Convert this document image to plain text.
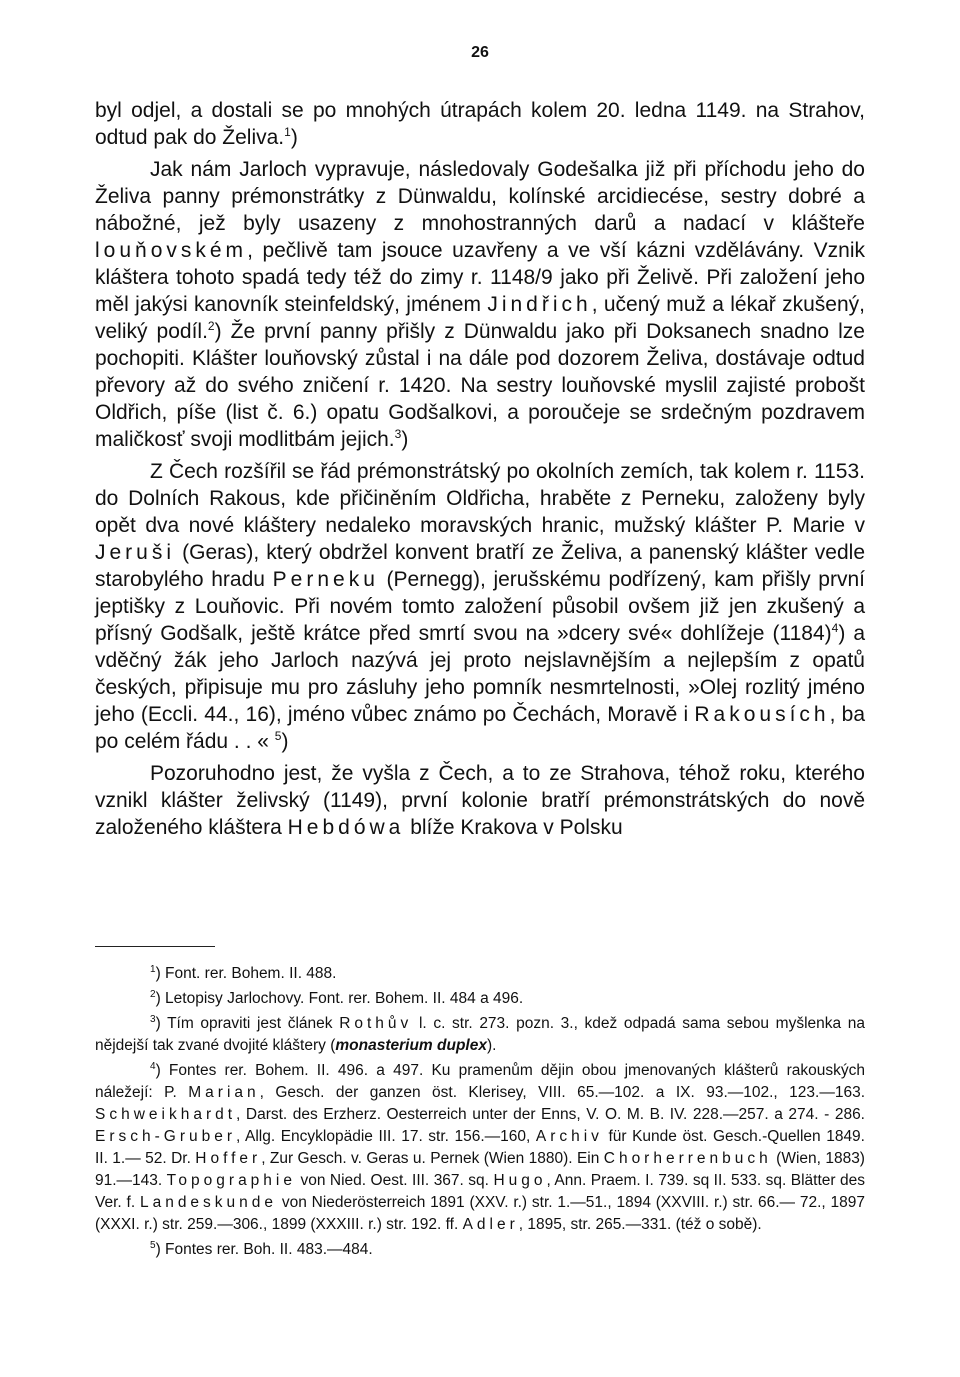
26

byl odjel, a dostali se po mnohých útrapách kolem 20. ledna 1149. na Strahov, odtud pak do Želiva.$^1$)

Jak nám Jarloch vypravuje, následovaly Godešalka již při příchodu jeho do Želiva panny prémonstrátky z Dünwaldu, kolínské arcidiecése, sestry dobré a nábožné, jež byly usazeny z mnohostranných darů a nadací v klášteře louňovském, pečlivě tam jsouce uzavřeny a ve vší kázni vzdělávány. Vznik kláštera tohoto spadá tedy též do zimy r. 1148/9 jako při Želivě. Při založení jeho měl jakýsi kanovník steinfeldský, jménem Jindřich, učený muž a lékař zkušený, veliký podíl.$^2$) Že první panny přišly z Dünwaldu jako při Doksanech snadno lze pochopiti. Klášter louňovský zůstal i na dále pod dozorem Želiva, dostávaje odtud převory až do svého zničení r. 1420. Na sestry louňovské myslil zajisté probošt Oldřich, píše (list č. 6.) opatu Godšalkovi, a poroučeje se srdečným pozdravem maličkosť svoji modlitbám jejich.$^3$)

Z Čech rozšířil se řád prémonstrátský po okolních zemích, tak kolem r. 1153. do Dolních Rakous, kde přičiněním Oldřicha, hraběte z Perneku, založeny byly opět dva nové kláštery nedaleko moravských hranic, mužský klášter P. Marie v Jeruši (Geras), který obdržel konvent bratří ze Želiva, a panenský klášter vedle starobylého hradu Perneku (Pernegg), jerušskému podřízený, kam přišly první jeptišky z Louňovic. Při novém tomto založení působil ovšem již jen zkušený a přísný Godšalk, ještě krátce před smrtí svou na »dcery své« dohlížeje $(1184)^4$) a vděčný žák jeho Jarloch nazývá jej proto nejslavnějším a nejlepším z opatů českých, připisuje mu pro zásluhy jeho pomník nesmrtelnosti, »Olej rozlitý jméno jeho (Eccli. 44., 16), jméno vůbec známo po Čechách, Moravě i Rakousích, ba po celém řádu . . « $^5$)

Pozoruhodno jest, že vyšla z Čech, a to ze Strahova, téhož roku, kterého vznikl klášter želivský (1149), první kolonie bratří prémonstrátských do nově založeného kláštera Hebdówa blíže Krakova v Polsku

$^1$) Font. rer. Bohem. II. 488.

$^2$) Letopisy Jarlochovy. Font. rer. Bohem. II. 484 a 496.

$^3$) Tím opraviti jest článek Rothův l. c. str. 273. pozn. 3., kdež odpadá sama sebou myšlenka na nějdejší tak zvané dvojité kláštery (monasterium duplex).

$^4$) Fontes rer. Bohem. II. 496. a 497. Ku pramenům dějin obou jmenovaných klášterů rakouských náležejí: P. Marian, Gesch. der ganzen öst. Klerisey, VIII. 65.—102. a IX. 93.—102., 123.—163. Schweikhardt, Darst. des Erzherz. Oesterreich unter der Enns, V. O. M. B. IV. 228.—257. a 274. - 286. Ersch-Gruber, Allg. Encyklopädie III. 17. str. 156.—160, Archiv für Kunde öst. Gesch.-Quellen 1849. II. 1.— 52. Dr. Hoffer, Zur Gesch. v. Geras u. Pernek (Wien 1880). Ein Chorherrenbuch (Wien, 1883) 91.—143. Topographie von Nied. Oest. III. 367. sq. Hugo, Ann. Praem. I. 739. sq II. 533. sq. Blätter des Ver. f. Landeskunde von Niederösterreich 1891 (XXV. r.) str. 1.—51., 1894 (XXVIII. r.) str. 66.— 72., 1897 (XXXI. r.) str. 259.—306., 1899 (XXXIII. r.) str. 192. ff. Adler, 1895, str. 265.—331. (též o sobě).

$^5$) Fontes rer. Boh. II. 483.—484.
